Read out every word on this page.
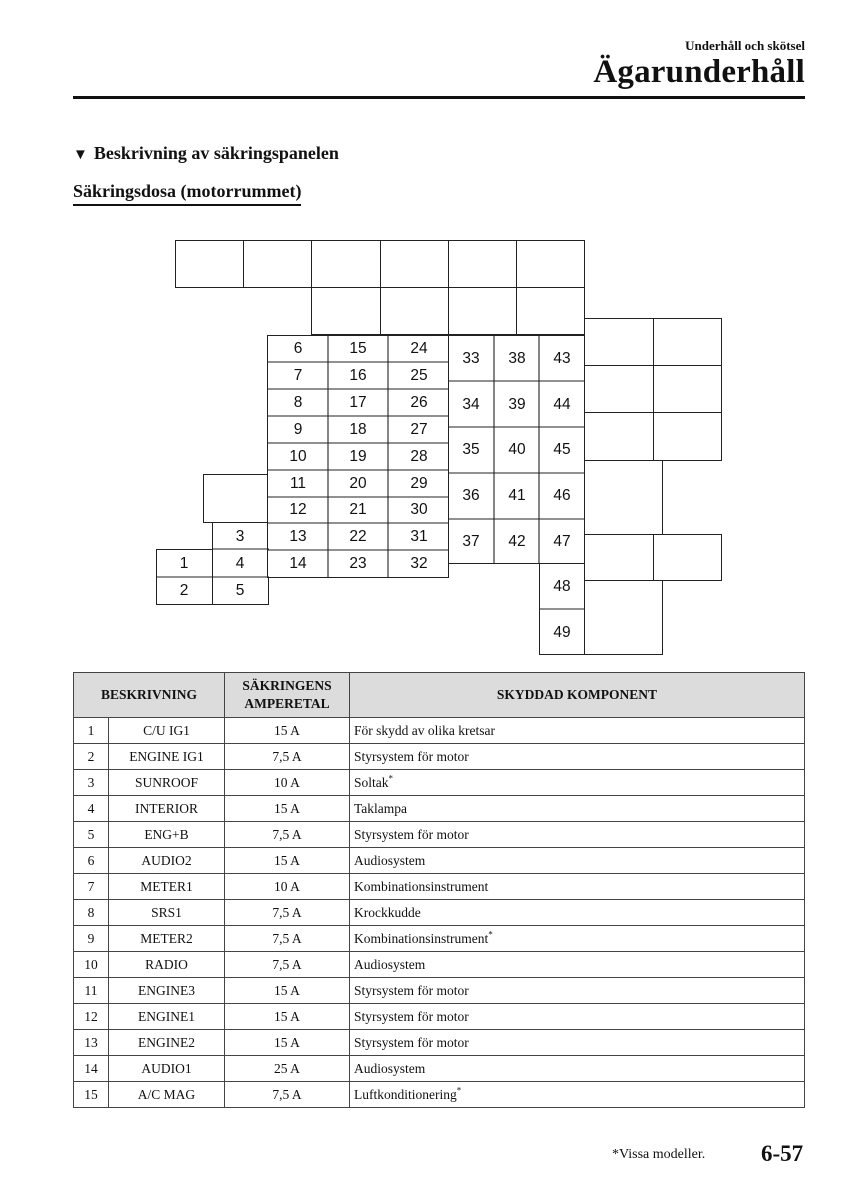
Underhåll och skötsel
Ägarunderhåll
▼ Beskrivning av säkringspanelen
Säkringsdosa (motorrummet)
1
2
3
4
5
6
7
8
9
10
11
12
13
14
15
16
17
18
19
20
21
22
23
24
25
26
27
28
29
30
31
32
33
34
35
36
37
38
39
40
41
42
43
44
45
46
47
48
49
BESKRIVNING		SÄKRINGENS
AMPERETAL	SKYDDAD KOMPONENT
1	C/U IG1	15 A	För skydd av olika kretsar
2	ENGINE IG1	7,5 A	Styrsystem för motor
3	SUNROOF	10 A	Soltak*
4	INTERIOR	15 A	Taklampa
5	ENG+B	7,5 A	Styrsystem för motor
6	AUDIO2	15 A	Audiosystem
7	METER1	10 A	Kombinationsinstrument
8	SRS1	7,5 A	Krockkudde
9	METER2	7,5 A	Kombinationsinstrument*
10	RADIO	7,5 A	Audiosystem
11	ENGINE3	15 A	Styrsystem för motor
12	ENGINE1	15 A	Styrsystem för motor
13	ENGINE2	15 A	Styrsystem för motor
14	AUDIO1	25 A	Audiosystem
15	A/C MAG	7,5 A	Luftkonditionering*
*Vissa modeller. 6-57
